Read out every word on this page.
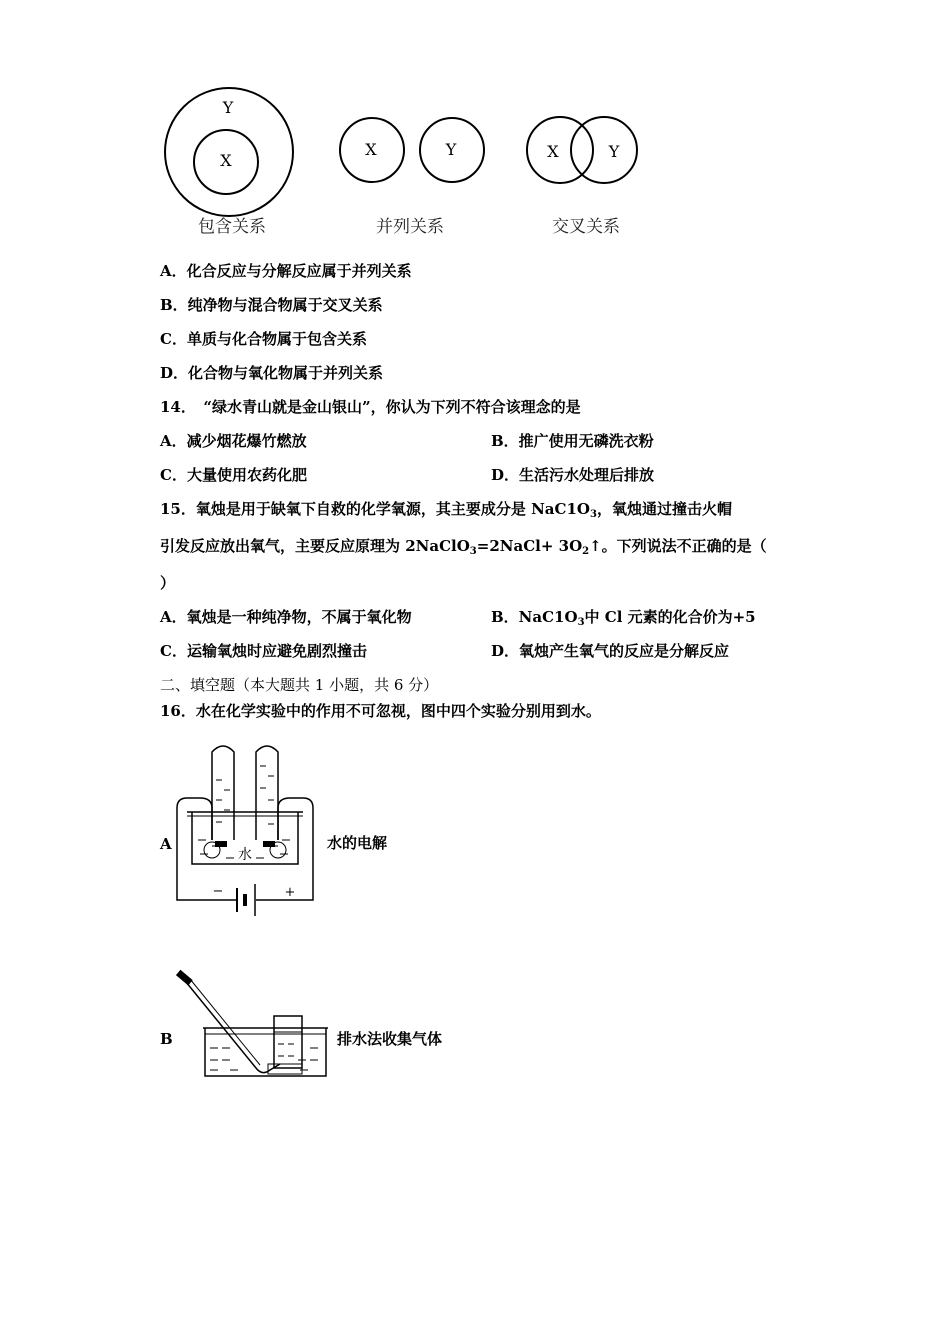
Y
X
X	Y	X	Y
包含关系	并列关系	交叉关系
A．化合反应与分解反应属于并列关系
B．纯净物与混合物属于交叉关系
C．单质与化合物属于包含关系
D．化合物与氧化物属于并列关系
14．　“绿水青山就是金山银山”，你认为下列不符合该理念的是
A．减少烟花爆竹燃放	B．推广使用无磷洗衣粉
C．大量使用农药化肥	D．生活污水处理后排放
15．氧烛是用于缺氧下自救的化学氧源，其主要成分是 $NaC1O_3$，氧烛通过撞击火帽
引发反应放出氧气，主要反应原理为 2NaClO$_3$=2NaCl+ $3O_2↑$。下列说法不正确的是（
）
A．氧烛是一种纯净物，不属于氧化物	B．$NaC1O_3$中 Cl 元素的化合价为+5
C．运输氧烛时应避免剧烈撞击	D．氧烛产生氧气的反应是分解反应
二、填空题（本大题共 1 小题，共 6 分）
16．水在化学实验中的作用不可忽视，图中四个实验分别用到水。
A
水
−	+
水的电解
B	排水法收集气体
